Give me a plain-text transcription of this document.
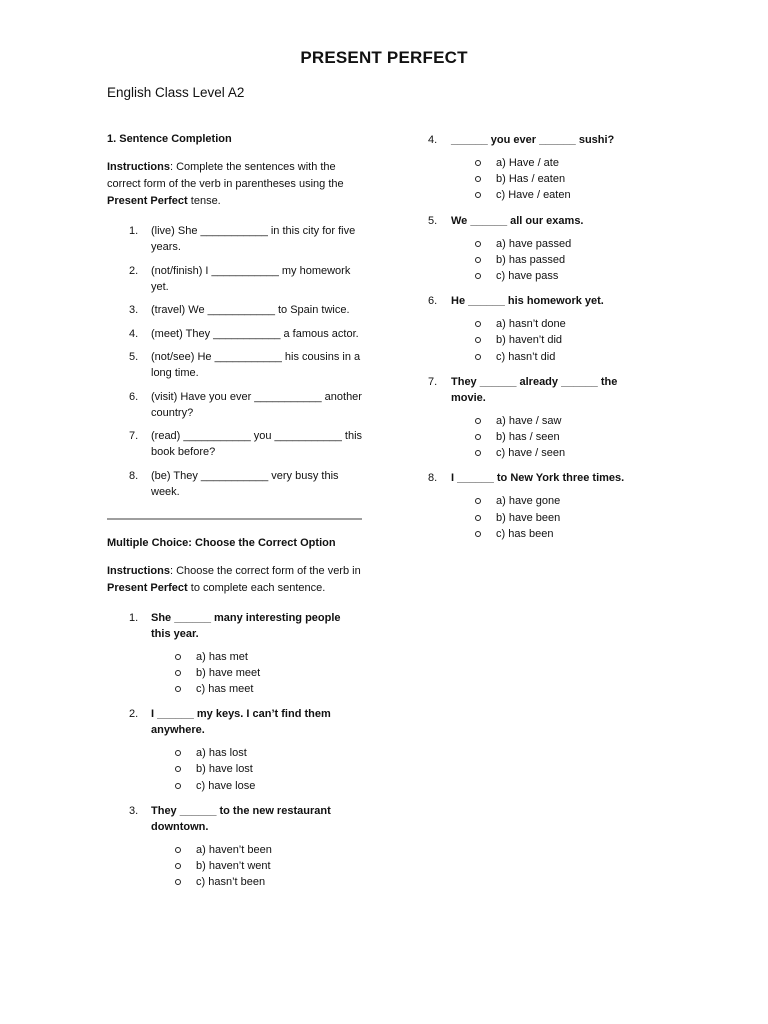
PRESENT PERFECT
English Class Level A2
1. Sentence Completion
Instructions: Complete the sentences with the correct form of the verb in parentheses using the Present Perfect tense.
1. (live) She ___________ in this city for five years.
2. (not/finish) I ___________ my homework yet.
3. (travel) We ___________ to Spain twice.
4. (meet) They ___________ a famous actor.
5. (not/see) He ___________ his cousins in a long time.
6. (visit) Have you ever ___________ another country?
7. (read) ___________ you ___________ this book before?
8. (be) They ___________ very busy this week.
Multiple Choice: Choose the Correct Option
Instructions: Choose the correct form of the verb in Present Perfect to complete each sentence.
1. She ______ many interesting people this year.
a) has met
b) have meet
c) has meet
2. I ______ my keys. I can’t find them anywhere.
a) has lost
b) have lost
c) have lose
3. They ______ to the new restaurant downtown.
a) haven’t been
b) haven’t went
c) hasn’t been
4. ______ you ever ______ sushi?
a) Have / ate
b) Has / eaten
c) Have / eaten
5. We ______ all our exams.
a) have passed
b) has passed
c) have pass
6. He ______ his homework yet.
a) hasn’t done
b) haven’t did
c) hasn’t did
7. They ______ already ______ the movie.
a) have / saw
b) has / seen
c) have / seen
8. I ______ to New York three times.
a) have gone
b) have been
c) has been
